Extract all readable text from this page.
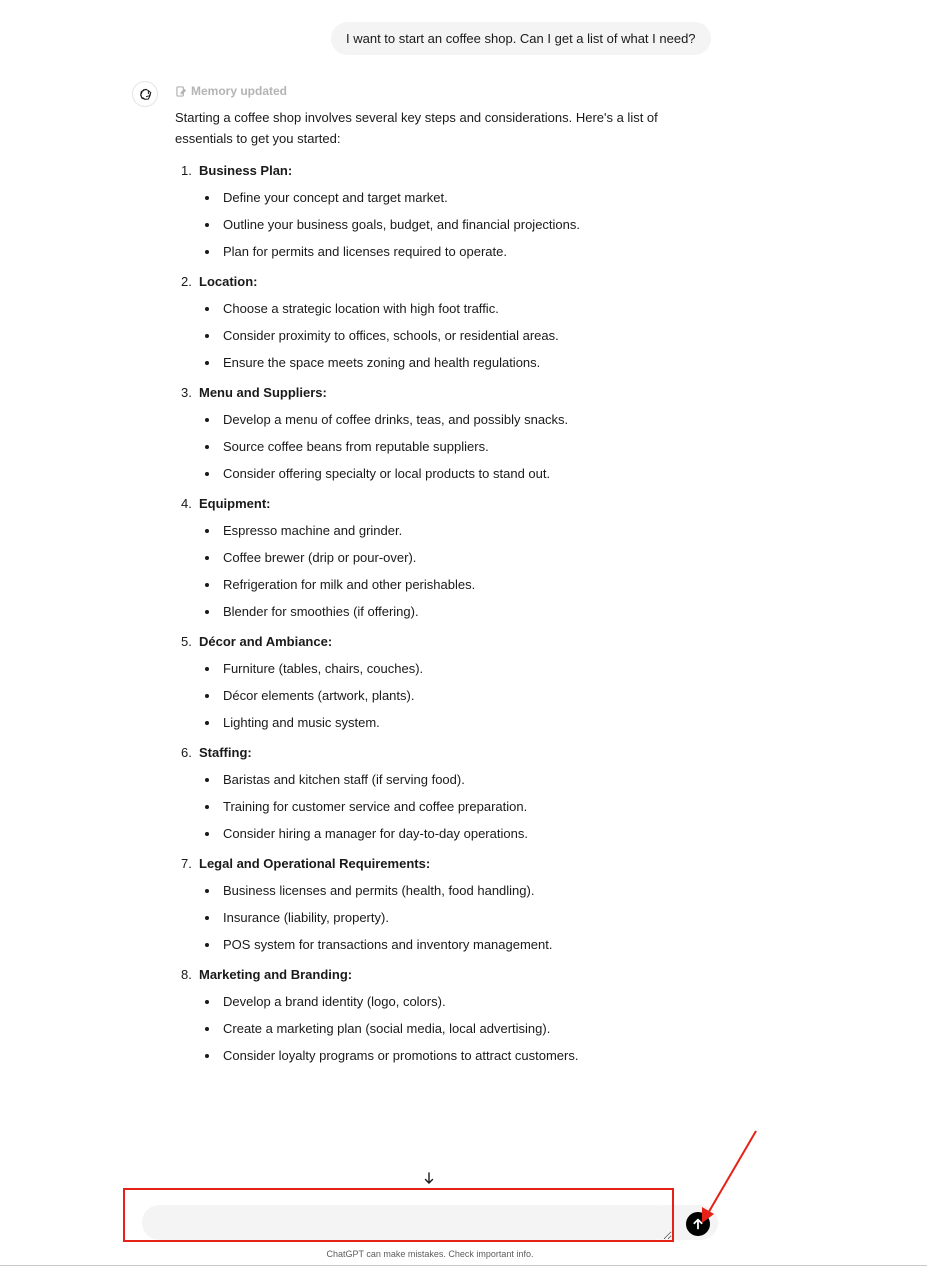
I want to start an coffee shop. Can I get a list of what I need?
Memory updated

Starting a coffee shop involves several key steps and considerations. Here's a list of essentials to get you started:

1. Business Plan:
Define your concept and target market.
Outline your business goals, budget, and financial projections.
Plan for permits and licenses required to operate.
2. Location:
Choose a strategic location with high foot traffic.
Consider proximity to offices, schools, or residential areas.
Ensure the space meets zoning and health regulations.
3. Menu and Suppliers:
Develop a menu of coffee drinks, teas, and possibly snacks.
Source coffee beans from reputable suppliers.
Consider offering specialty or local products to stand out.
4. Equipment:
Espresso machine and grinder.
Coffee brewer (drip or pour-over).
Refrigeration for milk and other perishables.
Blender for smoothies (if offering).
5. Décor and Ambiance:
Furniture (tables, chairs, couches).
Décor elements (artwork, plants).
Lighting and music system.
6. Staffing:
Baristas and kitchen staff (if serving food).
Training for customer service and coffee preparation.
Consider hiring a manager for day-to-day operations.
7. Legal and Operational Requirements:
Business licenses and permits (health, food handling).
Insurance (liability, property).
POS system for transactions and inventory management.
8. Marketing and Branding:
Develop a brand identity (logo, colors).
Create a marketing plan (social media, local advertising).
Consider loyalty programs or promotions to attract customers.
ChatGPT can make mistakes. Check important info.
